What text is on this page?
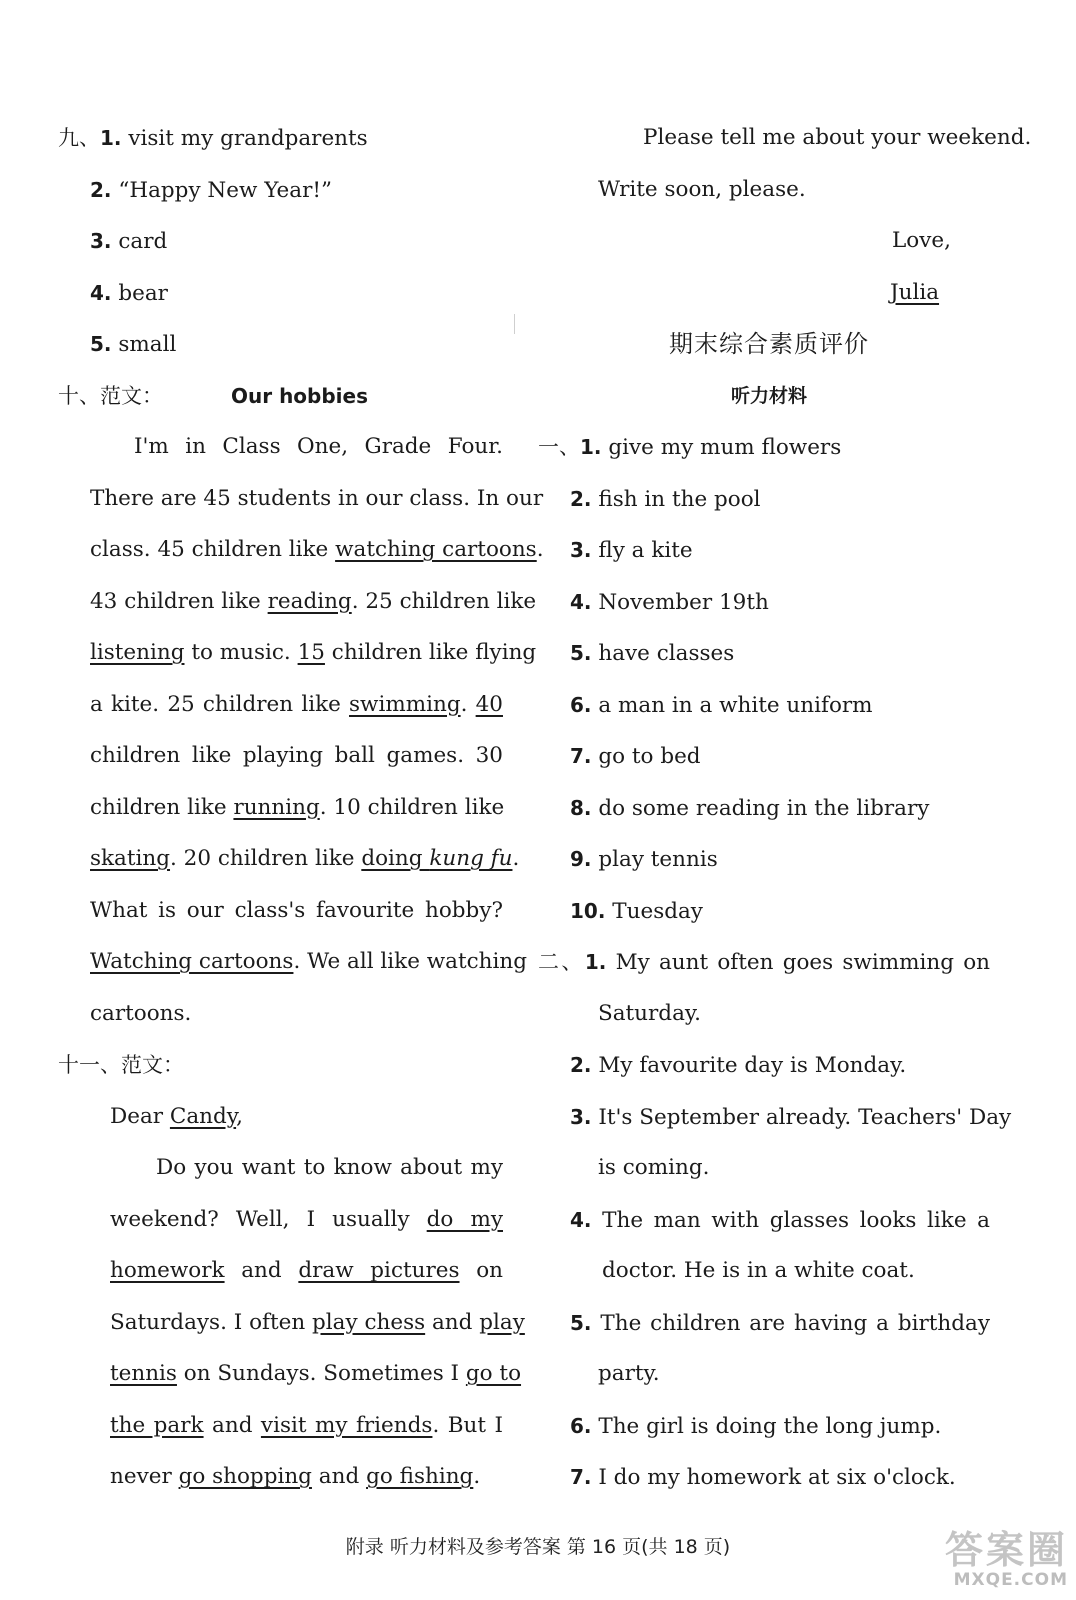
九、1. visit my grandparents
2. “Happy New Year!”
3. card
4. bear
5. small
十、范文：	Our hobbies
I'm in Class One, Grade Four.
There are 45 students in our class. In our
class. 45 children like watching cartoons.
43 children like reading. 25 children like
listening to music. 15 children like flying
a kite. 25 children like swimming. 40
children like playing ball games. 30
children like running. 10 children like
skating. 20 children like doing kung fu.
What is our class's favourite hobby?
Watching cartoons. We all like watching
cartoons.
十一、范文：
Dear Candy,
Do you want to know about my
weekend? Well, I usually do my
homework and draw pictures on
Saturdays. I often play chess and play
tennis on Sundays. Sometimes I go to
the park and visit my friends. But I
never go shopping and go fishing.
Please tell me about your weekend.
Write soon, please.
Love,
Julia
期末综合素质评价
听力材料
一、1. give my mum flowers
2. fish in the pool
3. fly a kite
4. November 19th
5. have classes
6. a man in a white uniform
7. go to bed
8. do some reading in the library
9. play tennis
10. Tuesday
二、1. My aunt often goes swimming on
Saturday.
2. My favourite day is Monday.
3. It's September already. Teachers' Day
is coming.
4. The man with glasses looks like a
doctor. He is in a white coat.
5. The children are having a birthday
party.
6. The girl is doing the long jump.
7. I do my homework at six o'clock.
附录 听力材料及参考答案 第 16 页(共 18 页)	答案圈
MXQE.COM
